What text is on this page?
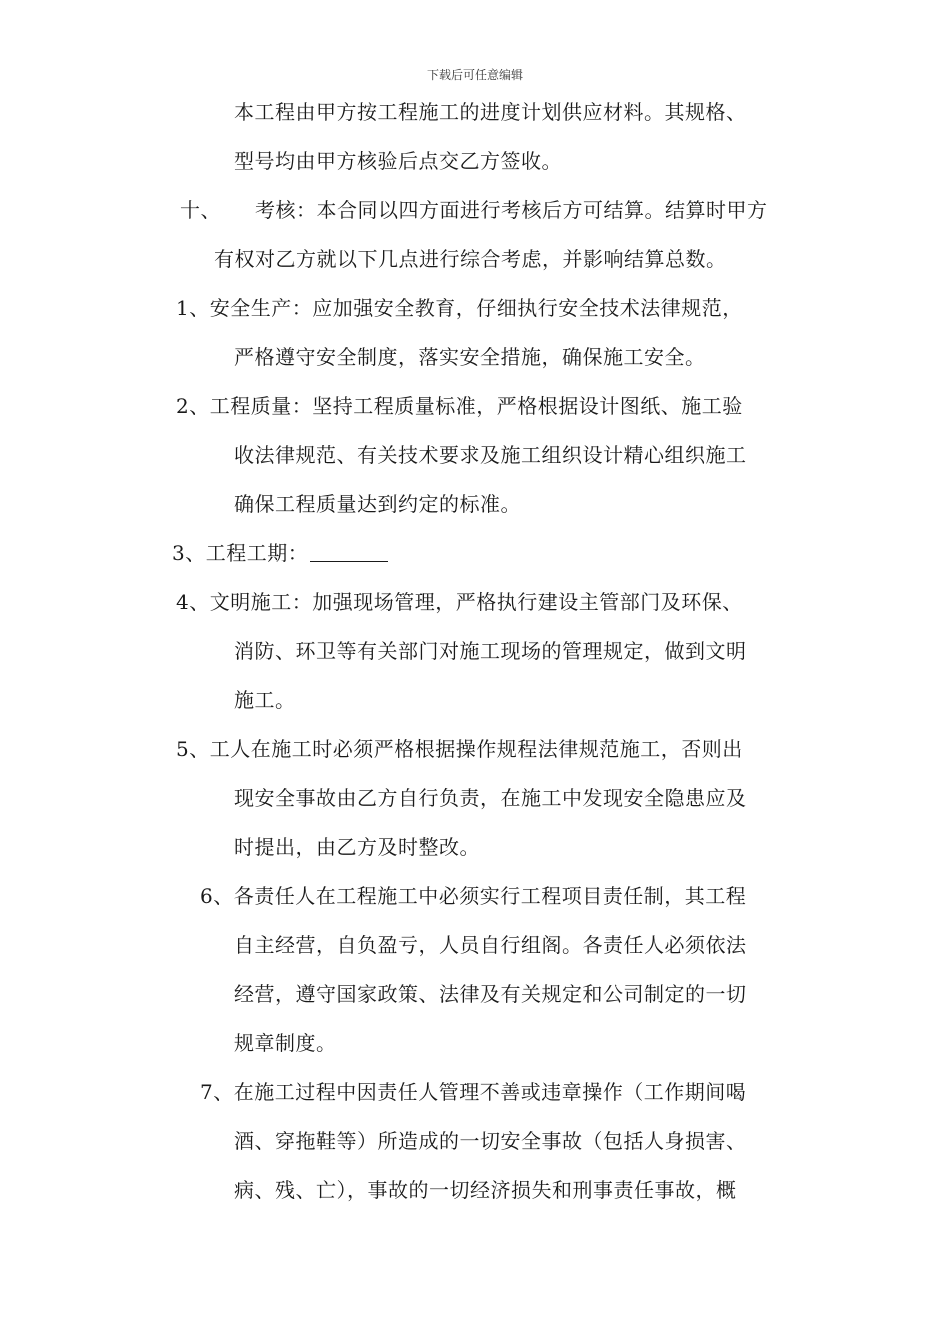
下载后可任意编辑
本工程由甲方按工程施工的进度计划供应材料。其规格、
型号均由甲方核验后点交乙方签收。
十、 考核：本合同以四方面进行考核后方可结算。结算时甲方
有权对乙方就以下几点进行综合考虑，并影响结算总数。
1、安全生产：应加强安全教育，仔细执行安全技术法律规范，
严格遵守安全制度，落实安全措施，确保施工安全。
2、工程质量：坚持工程质量标准，严格根据设计图纸、施工验
收法律规范、有关技术要求及施工组织设计精心组织施工
确保工程质量达到约定的标准。
3、工程工期：
4、文明施工：加强现场管理，严格执行建设主管部门及环保、
消防、环卫等有关部门对施工现场的管理规定，做到文明
施工。
5、工人在施工时必须严格根据操作规程法律规范施工，否则出
现安全事故由乙方自行负责，在施工中发现安全隐患应及
时提出，由乙方及时整改。
6、各责任人在工程施工中必须实行工程项目责任制，其工程
自主经营，自负盈亏，人员自行组阁。各责任人必须依法
经营，遵守国家政策、法律及有关规定和公司制定的一切
规章制度。
7、在施工过程中因责任人管理不善或违章操作（工作期间喝
酒、穿拖鞋等）所造成的一切安全事故（包括人身损害、
病、残、亡），事故的一切经济损失和刑事责任事故，概
